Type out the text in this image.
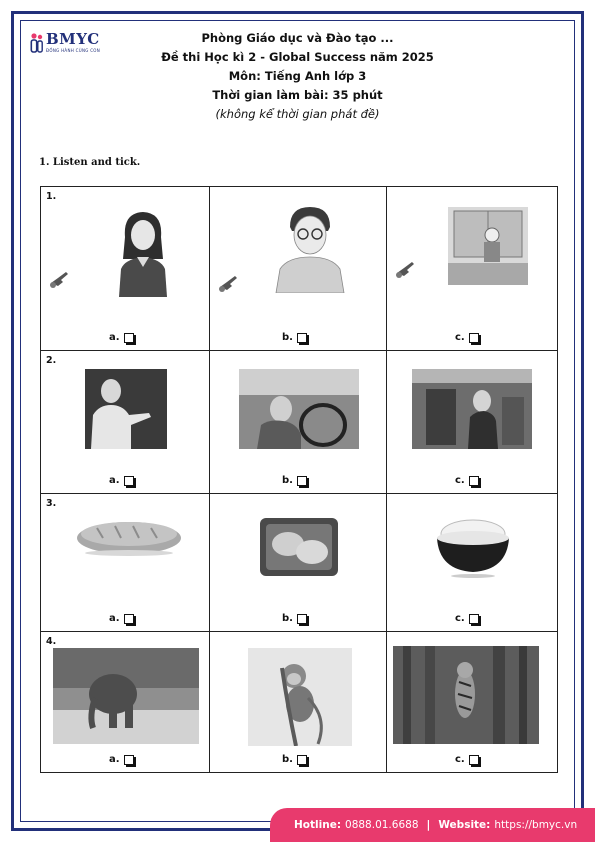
BMYC
ĐỒNG HÀNH CÙNG CON
Phòng Giáo dục và Đào tạo ...
Đề thi Học kì 2 - Global Success năm 2025
Môn: Tiếng Anh lớp 3
Thời gian làm bài: 35 phút
(không kể thời gian phát đề)
1. Listen and tick.
1.
a.	b.	c.
2.
a.	b.	c.
3.
a.	b.	c.
4.
a.	b.	c.
Hotline: 0888.01.6688 | Website: https://bmyc.vn
